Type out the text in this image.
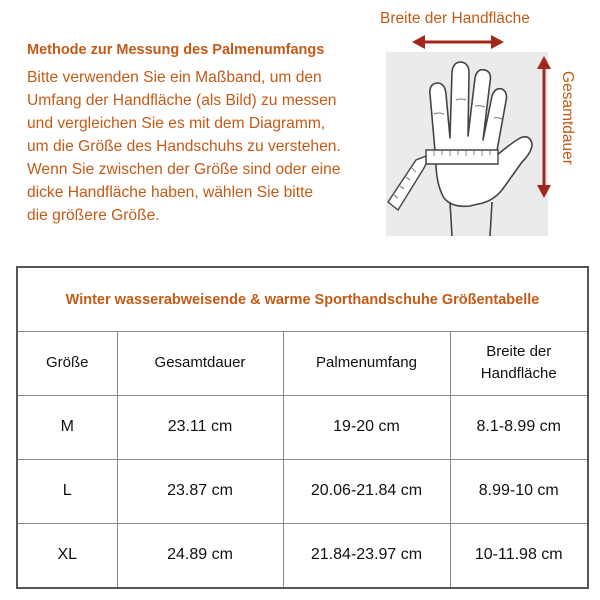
Methode zur Messung des Palmenumfangs
Bitte verwenden Sie ein Maßband, um den
Umfang der Handfläche (als Bild) zu messen
und vergleichen Sie es mit dem Diagramm,
um die Größe des Handschuhs zu verstehen.
Wenn Sie zwischen der Größe sind oder eine
dicke Handfläche haben, wählen Sie bitte
die größere Größe.
Breite der Handfläche
Gesamtdauer
Winter wasserabweisende & warme Sporthandschuhe Größentabelle
Größe	Gesamtdauer	Palmenumfang	Breite der
Handfläche
M	23.11 cm	19-20 cm	8.1-8.99 cm
L	23.87 cm	20.06-21.84 cm	8.99-10 cm
XL	24.89 cm	21.84-23.97 cm	10-11.98 cm
